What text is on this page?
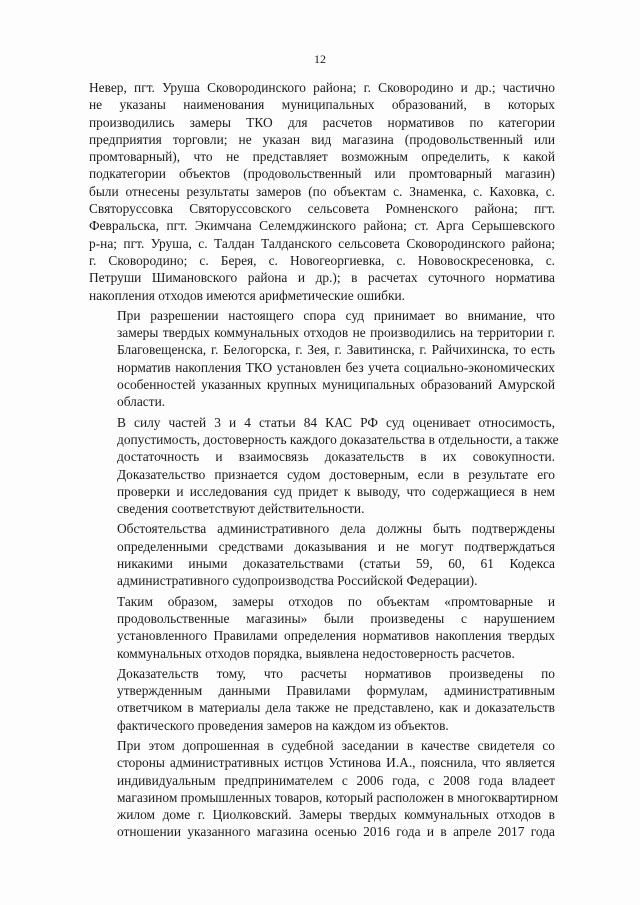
12

Невер, пгт. Уруша Сковородинского района; г. Сковородино и др.; частично
не указаны наименования муниципальных образований, в которых
производились замеры ТКО для расчетов нормативов по категории
предприятия торговли; не указан вид магазина (продовольственный или
промтоварный), что не представляет возможным определить, к какой
подкатегории объектов (продовольственный или промтоварный магазин)
были отнесены результаты замеров (по объектам с. Знаменка, с. Каховка, с.
Святоруссовка Святоруссовского сельсовета Ромненского района; пгт.
Февральска, пгт. Экимчана Селемджинского района; ст. Арга Серышевского
р-на; пгт. Уруша, с. Талдан Талданского сельсовета Сковородинского района;
г. Сковородино; с. Берея, с. Новогеоргиевка, с. Нововоскресеновка, с.
Петруши Шимановского района и др.); в расчетах суточного норматива
накопления отходов имеются арифметические ошибки.

При разрешении настоящего спора суд принимает во внимание, что
замеры твердых коммунальных отходов не производились на территории г.
Благовещенска, г. Белогорска, г. Зея, г. Завитинска, г. Райчихинска, то есть
норматив накопления ТКО установлен без учета социально-экономических
особенностей указанных крупных муниципальных образований Амурской
области.

В силу частей 3 и 4 статьи 84 КАС РФ суд оценивает относимость,
допустимость, достоверность каждого доказательства в отдельности, а также
достаточность и взаимосвязь доказательств в их совокупности.
Доказательство признается судом достоверным, если в результате его
проверки и исследования суд придет к выводу, что содержащиеся в нем
сведения соответствуют действительности.

Обстоятельства административного дела должны быть подтверждены
определенными средствами доказывания и не могут подтверждаться
никакими иными доказательствами (статьи 59, 60, 61 Кодекса
административного судопроизводства Российской Федерации).

Таким образом, замеры отходов по объектам «промтоварные и
продовольственные магазины» были произведены с нарушением
установленного Правилами определения нормативов накопления твердых
коммунальных отходов порядка, выявлена недостоверность расчетов.

Доказательств тому, что расчеты нормативов произведены по
утвержденным данными Правилами формулам, административным
ответчиком в материалы дела также не представлено, как и доказательств
фактического проведения замеров на каждом из объектов.

При этом допрошенная в судебной заседании в качестве свидетеля со
стороны административных истцов Устинова И.А., пояснила, что является
индивидуальным предпринимателем с 2006 года, с 2008 года владеет
магазином промышленных товаров, который расположен в многоквартирном
жилом доме г. Циолковский. Замеры твердых коммунальных отходов в
отношении указанного магазина осенью 2016 года и в апреле 2017 года
